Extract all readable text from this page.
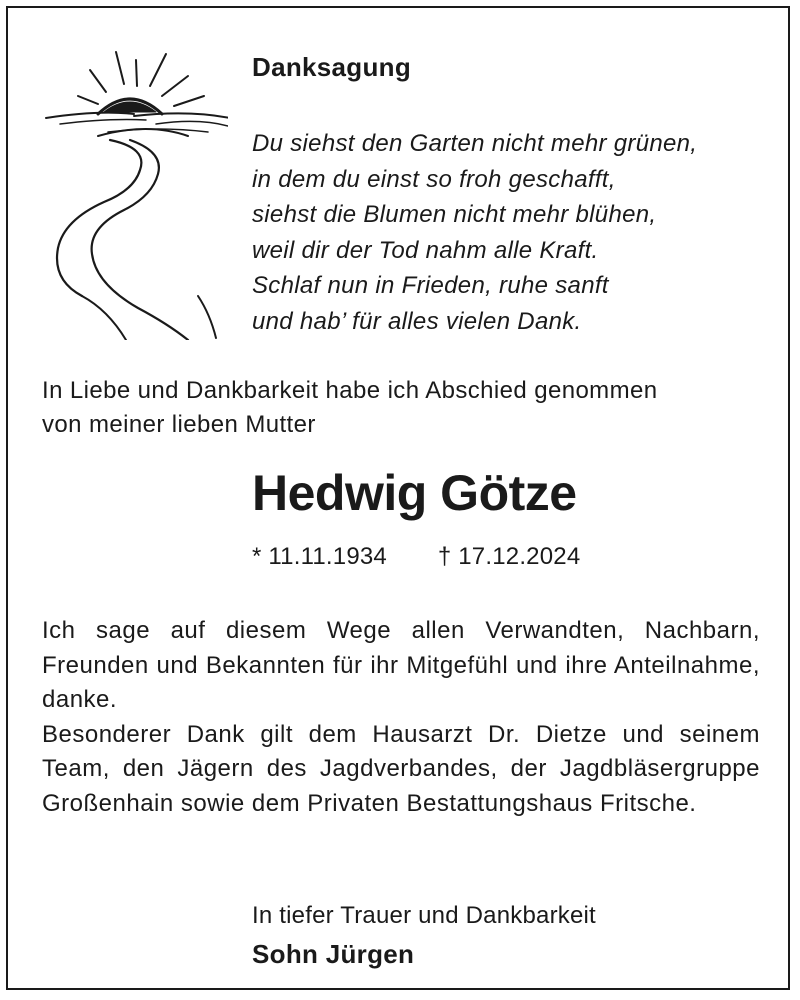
Danksagung
Du siehst den Garten nicht mehr grünen,
in dem du einst so froh geschafft,
siehst die Blumen nicht mehr blühen,
weil dir der Tod nahm alle Kraft.
Schlaf nun in Frieden, ruhe sanft
und hab’ für alles vielen Dank.
In Liebe und Dankbarkeit habe ich Abschied genommen
von meiner lieben Mutter
Hedwig Götze
* 11.11.1934 † 17.12.2024

Ich sage auf diesem Wege allen Verwandten, Nachbarn, Freunden und Bekannten für ihr Mitgefühl und ihre Anteilnahme, danke.

Besonderer Dank gilt dem Hausarzt Dr. Dietze und seinem Team, den Jägern des Jagdverbandes, der Jagdbläsergruppe Großenhain sowie dem Privaten Bestattungshaus Fritsche.

In tiefer Trauer und Dankbarkeit
Sohn Jürgen
